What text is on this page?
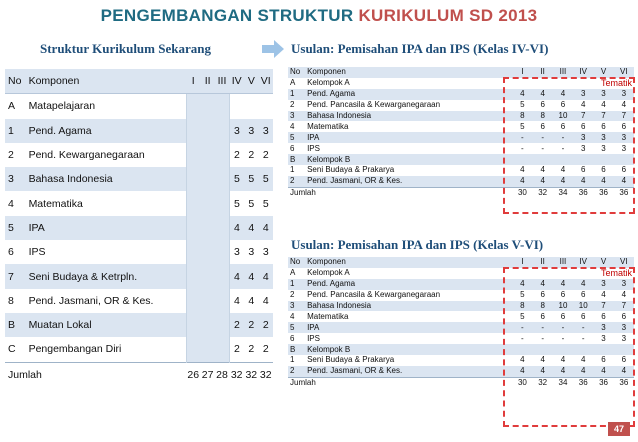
PENGEMBANGAN STRUKTUR KURIKULUM SD 2013
Struktur Kurikulum Sekarang	Usulan: Pemisahan IPA dan IPS (Kelas IV-VI)
Usulan: Pemisahan IPA dan IPS (Kelas V-VI)
No	Komponen	I	II	III	IV	V	VI
A	Matapelajaran						
1	Pend. Agama				3	3	3
2	Pend. Kewarganegaraan				2	2	2
3	Bahasa Indonesia				5	5	5
4	Matematika				5	5	5
5	IPA				4	4	4
6	IPS				3	3	3
7	Seni Budaya & Ketrpln.				4	4	4
8	Pend. Jasmani, OR & Kes.				4	4	4
B	Muatan Lokal				2	2	2
C	Pengembangan Diri				2	2	2
Jumlah		26	27	28	32	32	32
No	Komponen	I	II	III	IV	V	VI
A	Kelompok A	Tematik					
1	Pend. Agama	4	4	4	3	3	3
2	Pend. Pancasila & Kewarganegaraan	5	6	6	4	4	4
3	Bahasa Indonesia	8	8	10	7	7	7
4	Matematika	5	6	6	6	6	6
5	IPA	-	-	-	3	3	3
6	IPS	-	-	-	3	3	3
B	Kelompok B						
1	Seni Budaya & Prakarya	4	4	4	6	6	6
2	Pend. Jasmani, OR & Kes.	4	4	4	4	4	4
Jumlah		30	32	34	36	36	36
No	Komponen	I	II	III	IV	V	VI
A	Kelompok A	Tematik					
1	Pend. Agama	4	4	4	4	3	3
2	Pend. Pancasila & Kewarganegaraan	5	6	6	6	4	4
3	Bahasa Indonesia	8	8	10	10	7	7
4	Matematika	5	6	6	6	6	6
5	IPA	-	-	-	-	3	3
6	IPS	-	-	-	-	3	3
B	Kelompok B						
1	Seni Budaya & Prakarya	4	4	4	4	6	6
2	Pend. Jasmani, OR & Kes.	4	4	4	4	4	4
Jumlah		30	32	34	36	36	36
47
